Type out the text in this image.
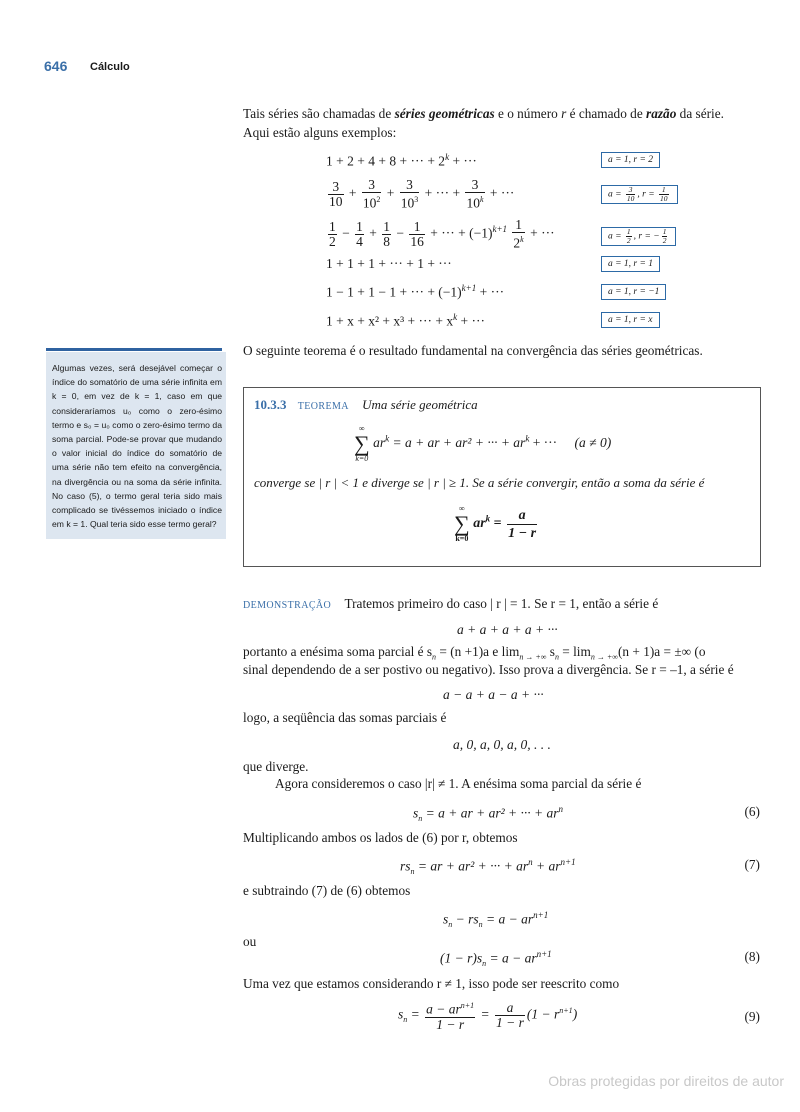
646 Cálculo
Tais séries são chamadas de séries geométricas e o número r é chamado de razão da série.
Aqui estão alguns exemplos:
1 + 2 + 4 + 8 + ··· + $2^k$ + ···	a = 1, r = 2
$\frac{3}{10} + \frac{3}{10^2} + \frac{3}{10^3}$ + ··· + $\frac{3}{10^k}$ + ···	$a = \frac{3}{10}$ , $r = \frac{1}{10}$
$\frac{1}{2} - \frac{1}{4} + \frac{1}{8} - \frac{1}{16}$ + ··· + $(-1)^{k+1} \frac{1}{2^k}$ + ···	$a = \frac{1}{2}$ , r = − $\frac{1}{2}$
1 + 1 + 1 + ··· + 1 + ···	a = 1, r = 1
1 − 1 + 1 − 1 + ··· + $(-1)^{k+1}$ + ···	a = 1, r = −1
1 + x + x² + x³ + ··· + $x^k$ + ···	a = 1, r = x
O seguinte teorema é o resultado fundamental na convergência das séries geométricas.
Algumas vezes, será desejável começar o índice do somatório de uma série infinita em k = 0, em vez de k = 1, caso em que consideraríamos u₀ como o zero-ésimo termo e s₀ = u₀ como o zero-ésimo termo da soma parcial. Pode-se provar que mudando o valor inicial do índice do somatório de uma série não tem efeito na convergência, na divergência ou na soma da série infinita. No caso (5), o termo geral teria sido mais complicado se tivéssemos iniciado o índice em k = 1. Qual teria sido esse termo geral?
10.3.3 TEOREMA Uma série geométrica
∞
∑
k=0
$ar^k = a$ + ar + ar² + ··· + $ar^k$ + ··· (a ≠ 0)
converge se | r | < 1 e diverge se | r | ≥ 1. Se a série convergir, então a soma da série é
∞
∑
k=0
$ar^k = \frac{a}{1 - r}$
DEMONSTRAÇÃO Tratemos primeiro do caso | r | = 1. Se r = 1, então a série é
a + a + a + a + ···
portanto a enésima soma parcial é $s_n = (n +1)a$ e $\lim_{n \to +\infty} s_n = \lim_{n \to +\infty}(n + 1)a$ = ±∞ (o
sinal dependendo de a ser postivo ou negativo). Isso prova a divergência. Se r = –1, a série é
a − a + a − a + ···
logo, a seqüência das somas parciais é
a, 0, a, 0, a, 0, . . .
que diverge.
Agora consideremos o caso |r| ≠ 1. A enésima soma parcial da série é
$s_n = a$ + ar + ar² + ··· + $ar^n$	(6)
Multiplicando ambos os lados de (6) por r, obtemos
$rs_n$ = ar + ar² + ··· + $ar^n + ar^{n+1}$	(7)
e subtraindo (7) de (6) obtemos
$s_n - rs_n = a - ar^{n+1}$
ou
$(1 - r)s_n = a - ar^{n+1}$	(8)
Uma vez que estamos considerando r ≠ 1, isso pode ser reescrito como
$s_n = \frac{a - ar^{n+1}}{1 - r} = \frac{a}{1 - r} (1 - r^{n+1})$	(9)
Obras protegidas por direitos de autor
